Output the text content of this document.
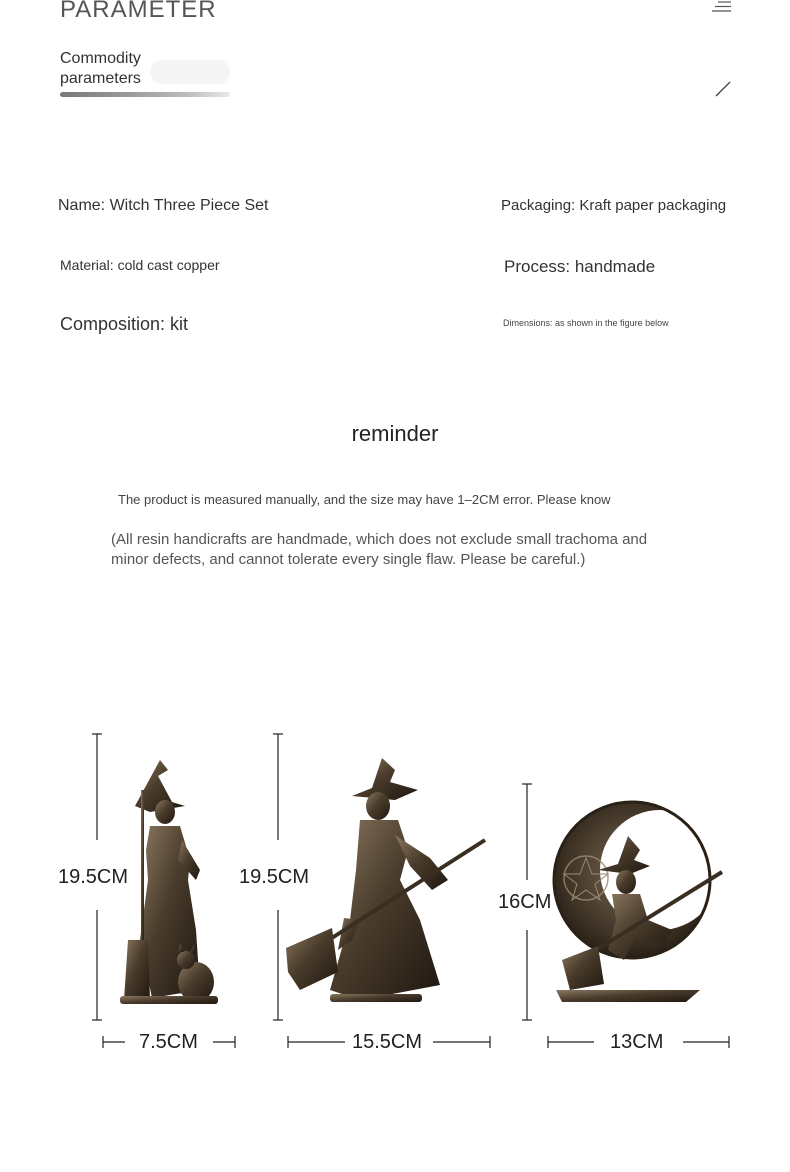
PARAMETER
Commodity
parameters
Name: Witch Three Piece Set	Packaging: Kraft paper packaging
Material: cold cast copper	Process: handmade
Composition: kit	Dimensions: as shown in the figure below
reminder
The product is measured manually, and the size may have 1–2CM error. Please know
(All resin handicrafts are handmade, which does not exclude small trachoma and minor defects, and cannot tolerate every single flaw. Please be careful.)
19.5CM
7.5CM
19.5CM
15.5CM
16CM
13CM
